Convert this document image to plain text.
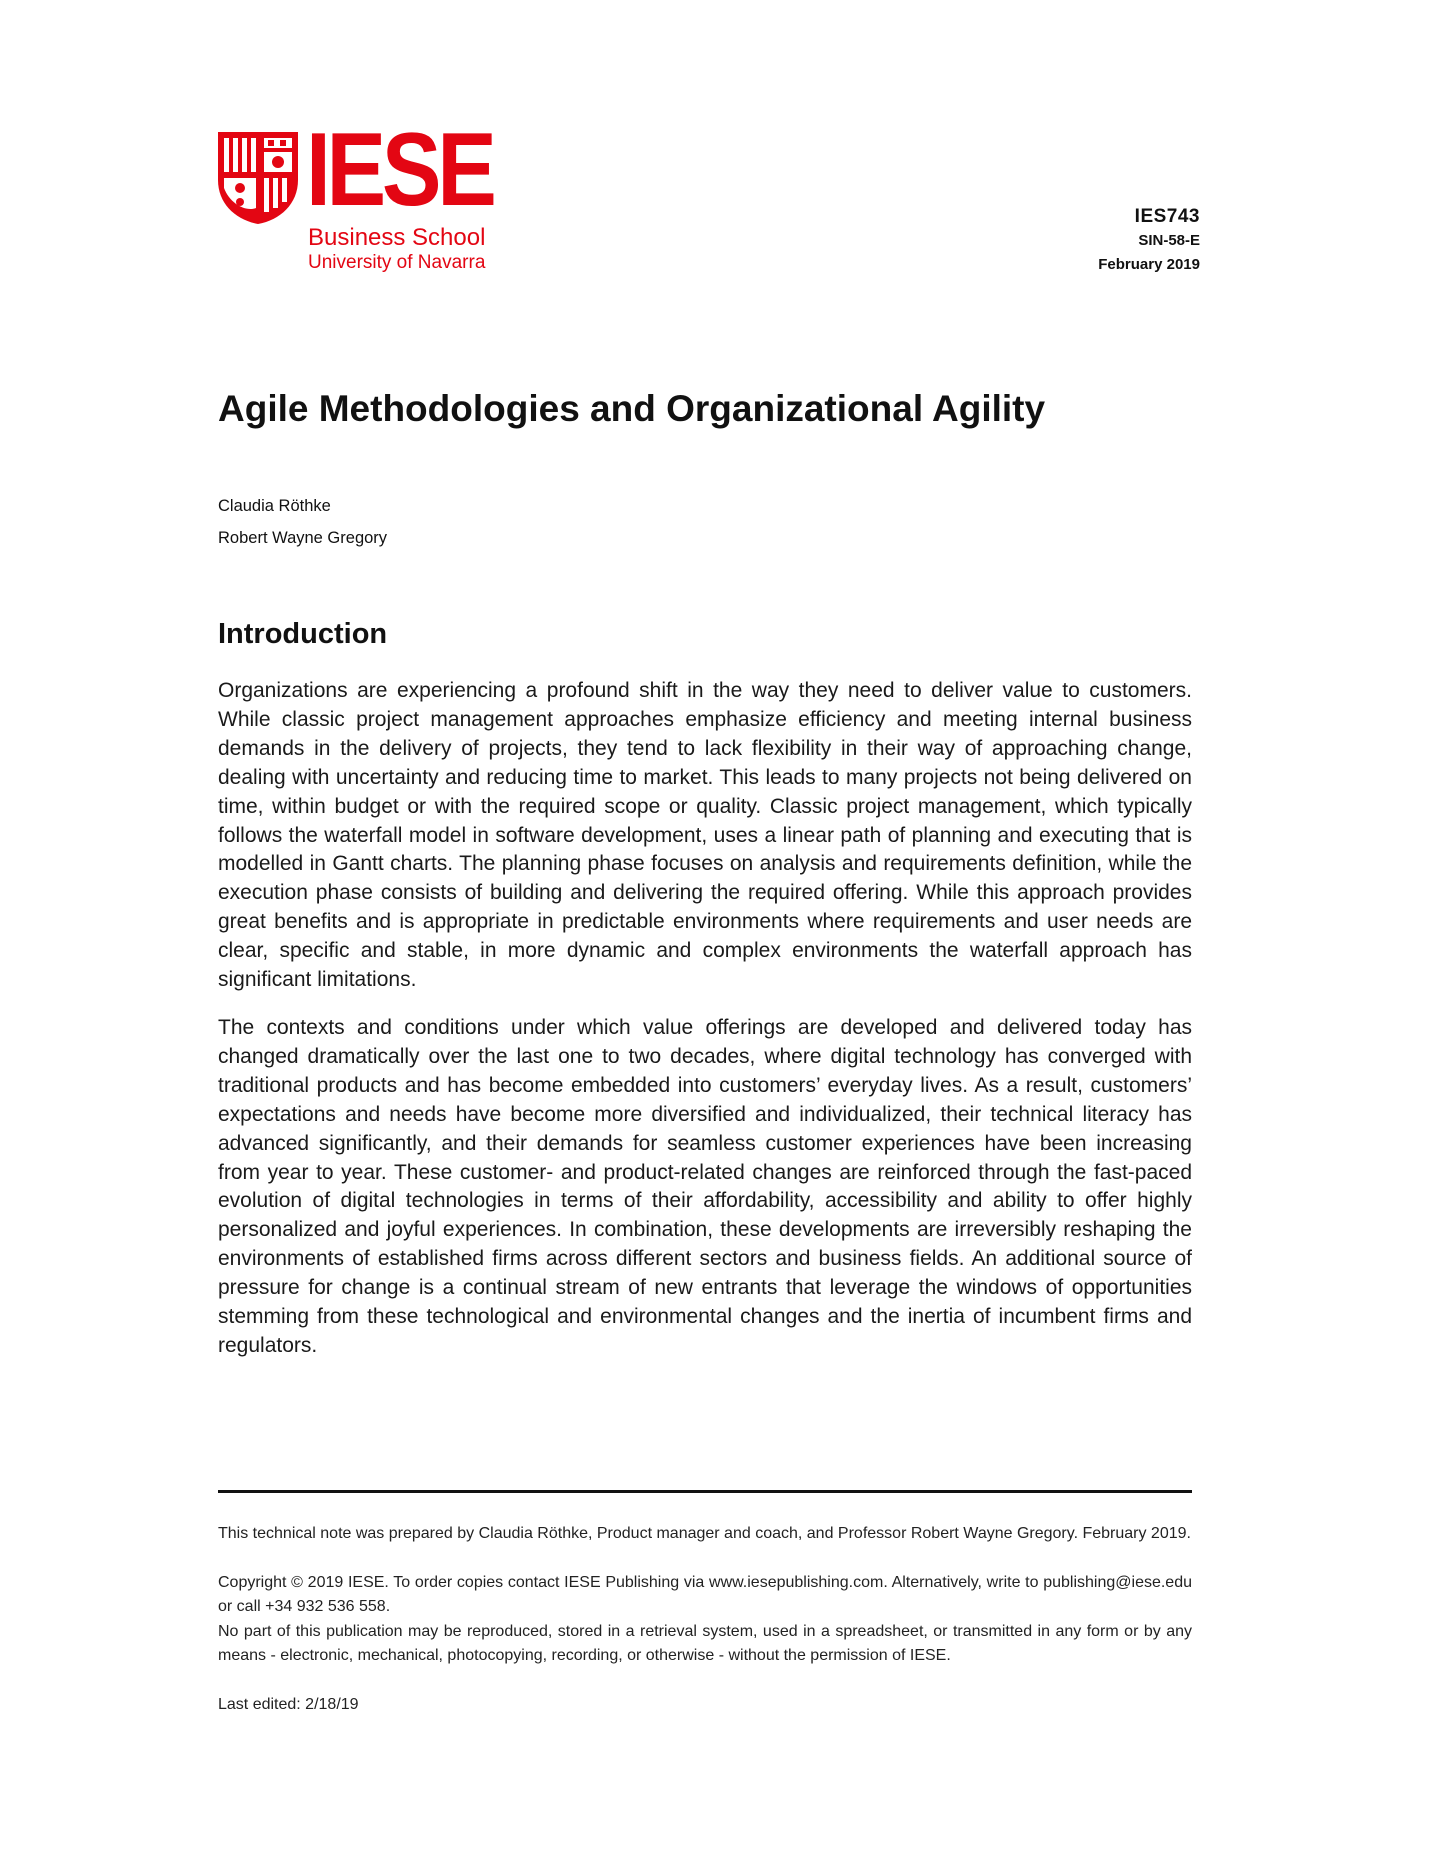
IESE
Business School
University of Navarra
IES743
SIN-58-E
February 2019
Agile Methodologies and Organizational Agility
Claudia Röthke
Robert Wayne Gregory
Introduction

Organizations are experiencing a profound shift in the way they need to deliver value to customers. While classic project management approaches emphasize efficiency and meeting internal business demands in the delivery of projects, they tend to lack flexibility in their way of approaching change, dealing with uncertainty and reducing time to market. This leads to many projects not being delivered on time, within budget or with the required scope or quality. Classic project management, which typically follows the waterfall model in software development, uses a linear path of planning and executing that is modelled in Gantt charts. The planning phase focuses on analysis and requirements definition, while the execution phase consists of building and delivering the required offering. While this approach provides great benefits and is appropriate in predictable environments where requirements and user needs are clear, specific and stable, in more dynamic and complex environments the waterfall approach has significant limitations.

The contexts and conditions under which value offerings are developed and delivered today has changed dramatically over the last one to two decades, where digital technology has converged with traditional products and has become embedded into customers’ everyday lives. As a result, customers’ expectations and needs have become more diversified and individualized, their technical literacy has advanced significantly, and their demands for seamless customer experiences have been increasing from year to year. These customer- and product-related changes are reinforced through the fast-paced evolution of digital technologies in terms of their affordability, accessibility and ability to offer highly personalized and joyful experiences. In combination, these developments are irreversibly reshaping the environments of established firms across different sectors and business fields. An additional source of pressure for change is a continual stream of new entrants that leverage the windows of opportunities stemming from these technological and environmental changes and the inertia of incumbent firms and regulators.

This technical note was prepared by Claudia Röthke, Product manager and coach, and Professor Robert Wayne Gregory. February 2019.

Copyright © 2019 IESE. To order copies contact IESE Publishing via www.iesepublishing.com. Alternatively, write to publishing@iese.edu or call +34 932 536 558.

No part of this publication may be reproduced, stored in a retrieval system, used in a spreadsheet, or transmitted in any form or by any means - electronic, mechanical, photocopying, recording, or otherwise - without the permission of IESE.

Last edited: 2/18/19
